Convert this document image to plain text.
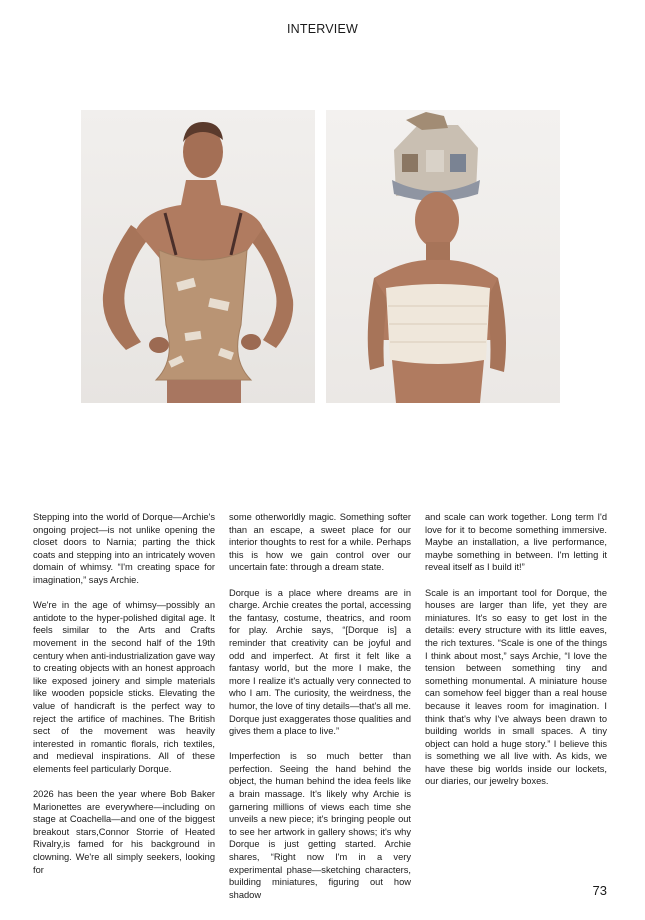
INTERVIEW

Stepping into the world of Dorque—Archie's ongoing project—is not unlike opening the closet doors to Narnia; parting the thick coats and stepping into an intricately woven domain of whimsy. “I'm creating space for imagination,” says Archie.

We're in the age of whimsy—possibly an antidote to the hyper-polished digital age. It feels similar to the Arts and Crafts movement in the second half of the 19th century when anti-industrialization gave way to creating objects with an honest approach like exposed joinery and simple materials like wooden popsicle sticks. Elevating the value of handicraft is the perfect way to reject the artifice of machines. The British sect of the movement was heavily interested in romantic florals, rich textiles, and medieval inspirations. All of these elements feel particularly Dorque.

2026 has been the year where Bob Baker Marionettes are everywhere—including on stage at Coachella—and one of the biggest breakout stars,Connor Storrie of Heated Rivalry,is famed for his background in clowning. We're all simply seekers, looking for

some otherworldly magic. Something softer than an escape, a sweet place for our interior thoughts to rest for a while. Perhaps this is how we gain control over our uncertain fate: through a dream state.

Dorque is a place where dreams are in charge. Archie creates the portal, accessing the fantasy, costume, theatrics, and room for play. Archie says, “[Dorque is] a reminder that creativity can be joyful and odd and imperfect. At first it felt like a fantasy world, but the more I make, the more I realize it's actually very connected to who I am. The curiosity, the weirdness, the humor, the love of tiny details—that's all me. Dorque just exaggerates those qualities and gives them a place to live.”

Imperfection is so much better than perfection. Seeing the hand behind the object, the human behind the idea feels like a brain massage. It's likely why Archie is garnering millions of views each time she unveils a new piece; it's bringing people out to see her artwork in gallery shows; it's why Dorque is just getting started. Archie shares, “Right now I'm in a very experimental phase—sketching characters, building miniatures, figuring out how shadow

and scale can work together. Long term I'd love for it to become something immersive. Maybe an installation, a live performance, maybe something in between. I'm letting it reveal itself as I build it!”

Scale is an important tool for Dorque, the houses are larger than life, yet they are miniatures. It's so easy to get lost in the details: every structure with its little eaves, the rich textures. “Scale is one of the things I think about most,” says Archie, “I love the tension between something tiny and something monumental. A miniature house can somehow feel bigger than a real house because it leaves room for imagination. I think that's why I've always been drawn to building worlds in small spaces. A tiny object can hold a huge story.” I believe this is something we all live with. As kids, we have these big worlds inside our lockets, our diaries, our jewelry boxes.

73
